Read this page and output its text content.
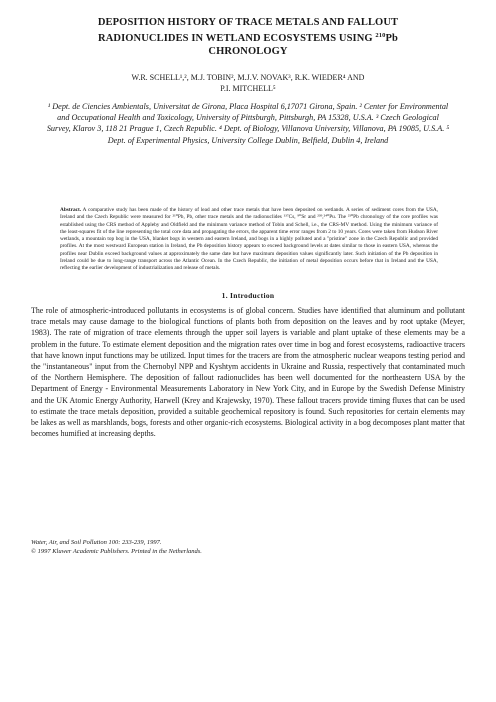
DEPOSITION HISTORY OF TRACE METALS AND FALLOUT
RADIONUCLIDES IN WETLAND ECOSYSTEMS USING $^{210}$Pb
CHRONOLOGY
W.R. SCHELL¹,², M.J. TOBIN², M.J.V. NOVAK³, R.K. WIEDER⁴ AND
P.I. MITCHELL⁵
¹ Dept. de Ciencies Ambientals, Universitat de Girona, Placa Hospital 6,17071 Girona, Spain. ² Center for Environmental and Occupational Health and Toxicology, University of Pittsburgh, Pittsburgh, PA 15328, U.S.A. ³ Czech Geological Survey, Klarov 3, 118 21 Prague 1, Czech Republic. ⁴ Dept. of Biology, Villanova University, Villanova, PA 19085, U.S.A. ⁵ Dept. of Experimental Physics, University College Dublin, Belfield, Dublin 4, Ireland
Abstract. A comparative study has been made of the history of lead and other trace metals that have been deposited on wetlands. A series of sediment cores from the USA, Ireland and the Czech Republic were measured for ²¹⁰Pb, Pb, other trace metals and the radionuclides ¹³⁷Cs, ⁹⁰Sr and ²³⁹,²⁴⁰Pu. The ²¹⁰Pb chronology of the core profiles was established using the CRS method of Appleby and Oldfield and the minimum variance method of Tobin and Schell, i.e., the CRS-MV method. Using the minimum variance of the least-squares fit of the line representing the total core data and propagating the errors, the apparent time error ranges from 2 to 10 years. Cores were taken from Hudson River wetlands, a mountain top bog in the USA, blanket bogs in western and eastern Ireland, and bogs in a highly polluted and a "pristine" zone in the Czech Republic and provided profiles. At the most westward European station in Ireland, the Pb deposition history appears to exceed background levels at dates similar to those in eastern USA, whereas the profiles near Dublin exceed background values at approximately the same date but have maximum deposition values significantly later. Such initiation of the Pb deposition in Ireland could be due to long-range transport across the Atlantic Ocean. In the Czech Republic, the initiation of metal deposition occurs before that in Ireland and the USA, reflecting the earlier development of industrialization and release of metals.
1. Introduction
The role of atmospheric-introduced pollutants in ecosystems is of global concern. Studies have identified that aluminum and pollutant trace metals may cause damage to the biological functions of plants both from deposition on the leaves and by root uptake (Meyer, 1983). The rate of migration of trace elements through the upper soil layers is variable and plant uptake of these elements may be a problem in the future. To estimate element deposition and the migration rates over time in bog and forest ecosystems, radioactive tracers that have known input functions may be utilized. Input times for the tracers are from the atmospheric nuclear weapons testing period and the "instantaneous" input from the Chernobyl NPP and Kyshtym accidents in Ukraine and Russia, respectively that contaminated much of the Northern Hemisphere. The deposition of fallout radionuclides has been well documented for the northeastern USA by the Department of Energy - Environmental Measurements Laboratory in New York City, and in Europe by the Swedish Defense Ministry and the UK Atomic Energy Authority, Harwell (Krey and Krajewsky, 1970). These fallout tracers provide timing fluxes that can be used to estimate the trace metals deposition, provided a suitable geochemical repository is found. Such repositories for certain elements may be lakes as well as marshlands, bogs, forests and other organic-rich ecosystems. Biological activity in a bog decomposes plant matter that becomes humified at increasing depths.
Water, Air, and Soil Pollution 100: 233-239, 1997.
© 1997 Kluwer Academic Publishers. Printed in the Netherlands.
